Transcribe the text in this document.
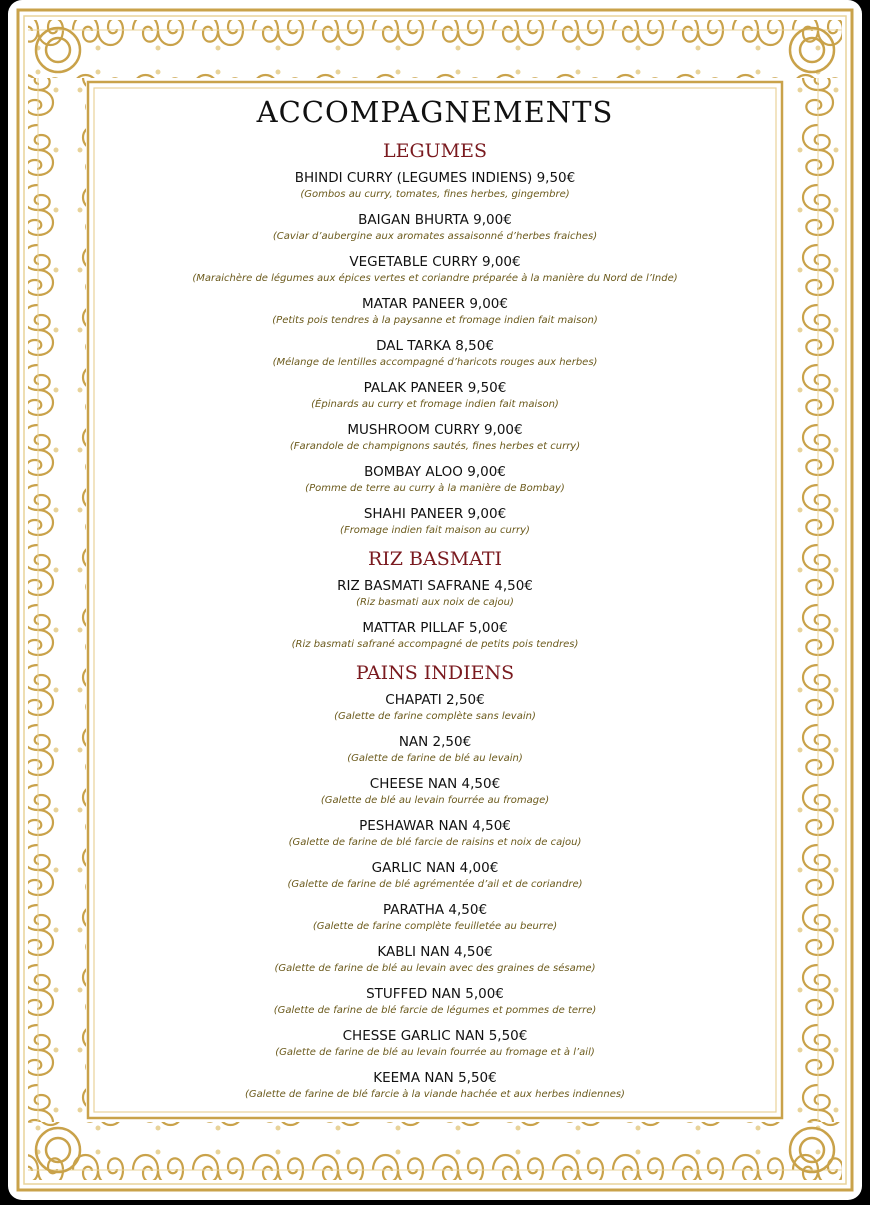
ACCOMPAGNEMENTS
LEGUMES
BHINDI CURRY (LEGUMES INDIENS) 9,50€
(Gombos au curry, tomates, fines herbes, gingembre)
BAIGAN BHURTA 9,00€
(Caviar d’aubergine aux aromates assaisonné d’herbes fraiches)
VEGETABLE CURRY 9,00€
(Maraichère de légumes aux épices vertes et coriandre préparée à la manière du Nord de l’Inde)
MATAR PANEER 9,00€
(Petits pois tendres à la paysanne et fromage indien fait maison)
DAL TARKA 8,50€
(Mélange de lentilles accompagné d’haricots rouges aux herbes)
PALAK PANEER 9,50€
(Épinards au curry et fromage indien fait maison)
MUSHROOM CURRY 9,00€
(Farandole de champignons sautés, fines herbes et curry)
BOMBAY ALOO 9,00€
(Pomme de terre au curry à la manière de Bombay)
SHAHI PANEER 9,00€
(Fromage indien fait maison au curry)
RIZ BASMATI
RIZ BASMATI SAFRANE 4,50€
(Riz basmati aux noix de cajou)
MATTAR PILLAF 5,00€
(Riz basmati safrané accompagné de petits pois tendres)
PAINS INDIENS
CHAPATI 2,50€
(Galette de farine complète sans levain)
NAN 2,50€
(Galette de farine de blé au levain)
CHEESE NAN 4,50€
(Galette de blé au levain fourrée au fromage)
PESHAWAR NAN 4,50€
(Galette de farine de blé farcie de raisins et noix de cajou)
GARLIC NAN 4,00€
(Galette de farine de blé agrémentée d’ail et de coriandre)
PARATHA 4,50€
(Galette de farine complète feuilletée au beurre)
KABLI NAN 4,50€
(Galette de farine de blé au levain avec des graines de sésame)
STUFFED NAN 5,00€
(Galette de farine de blé farcie de légumes et pommes de terre)
CHESSE GARLIC NAN 5,50€
(Galette de farine de blé au levain fourrée au fromage et à l’ail)
KEEMA NAN 5,50€
(Galette de farine de blé farcie à la viande hachée et aux herbes indiennes)
